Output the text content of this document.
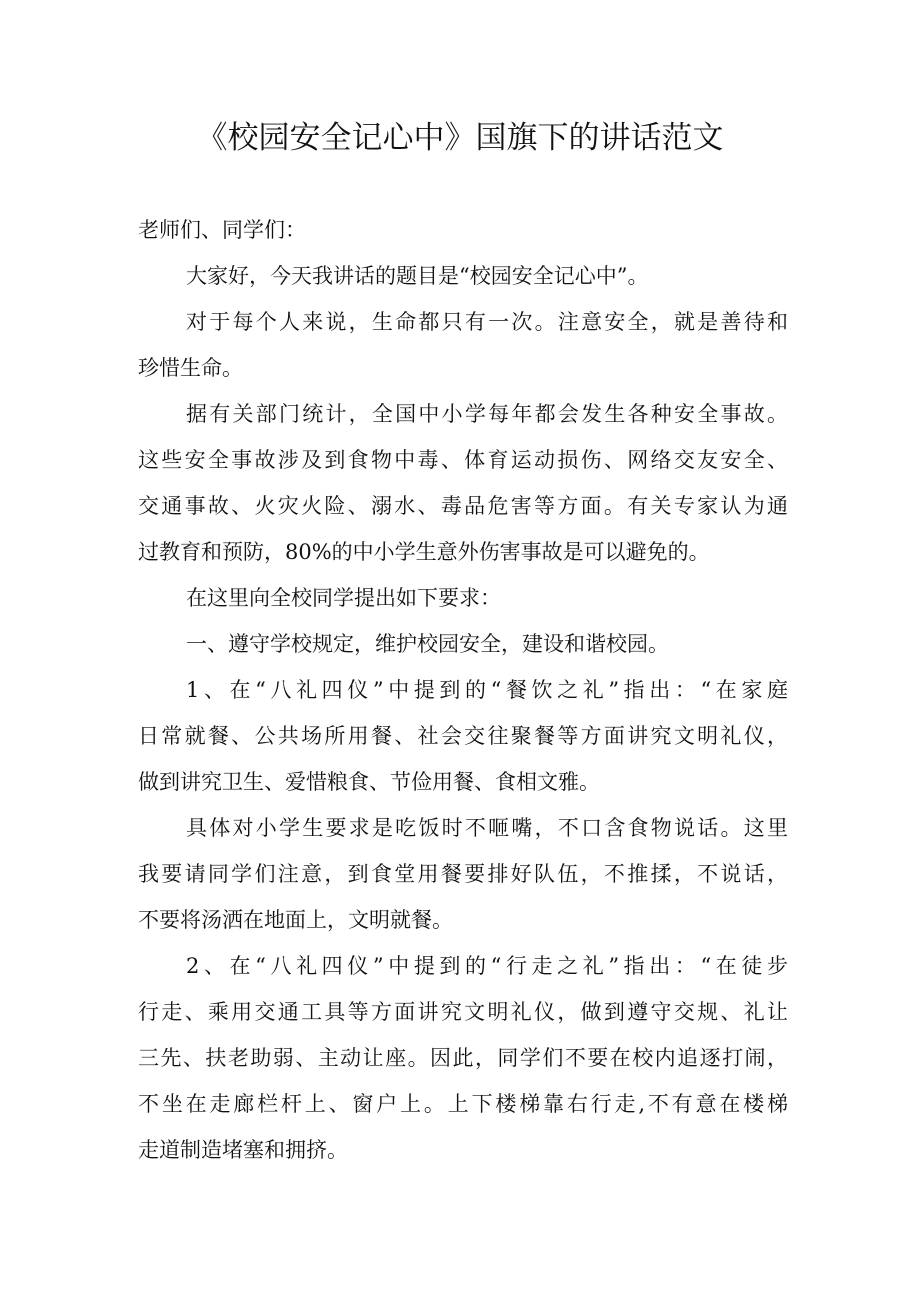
《校园安全记心中》国旗下的讲话范文
老师们、同学们：
大家好，今天我讲话的题目是“校园安全记心中”。
对于每个人来说，生命都只有一次。注意安全，就是善待和
珍惜生命。
据有关部门统计，全国中小学每年都会发生各种安全事故。
这些安全事故涉及到食物中毒、体育运动损伤、网络交友安全、
交通事故、火灾火险、溺水、毒品危害等方面。有关专家认为通
过教育和预防，80%的中小学生意外伤害事故是可以避免的。
在这里向全校同学提出如下要求：
一、遵守学校规定，维护校园安全，建设和谐校园。
1、在“八礼四仪”中提到的“餐饮之礼”指出：“在家庭
日常就餐、公共场所用餐、社会交往聚餐等方面讲究文明礼仪，
做到讲究卫生、爱惜粮食、节俭用餐、食相文雅。
具体对小学生要求是吃饭时不咂嘴，不口含食物说话。这里
我要请同学们注意，到食堂用餐要排好队伍，不推揉，不说话，
不要将汤洒在地面上，文明就餐。
2、在“八礼四仪”中提到的“行走之礼”指出：“在徒步
行走、乘用交通工具等方面讲究文明礼仪，做到遵守交规、礼让
三先、扶老助弱、主动让座。因此，同学们不要在校内追逐打闹，
不坐在走廊栏杆上、窗户上。上下楼梯靠右行走,不有意在楼梯
走道制造堵塞和拥挤。
